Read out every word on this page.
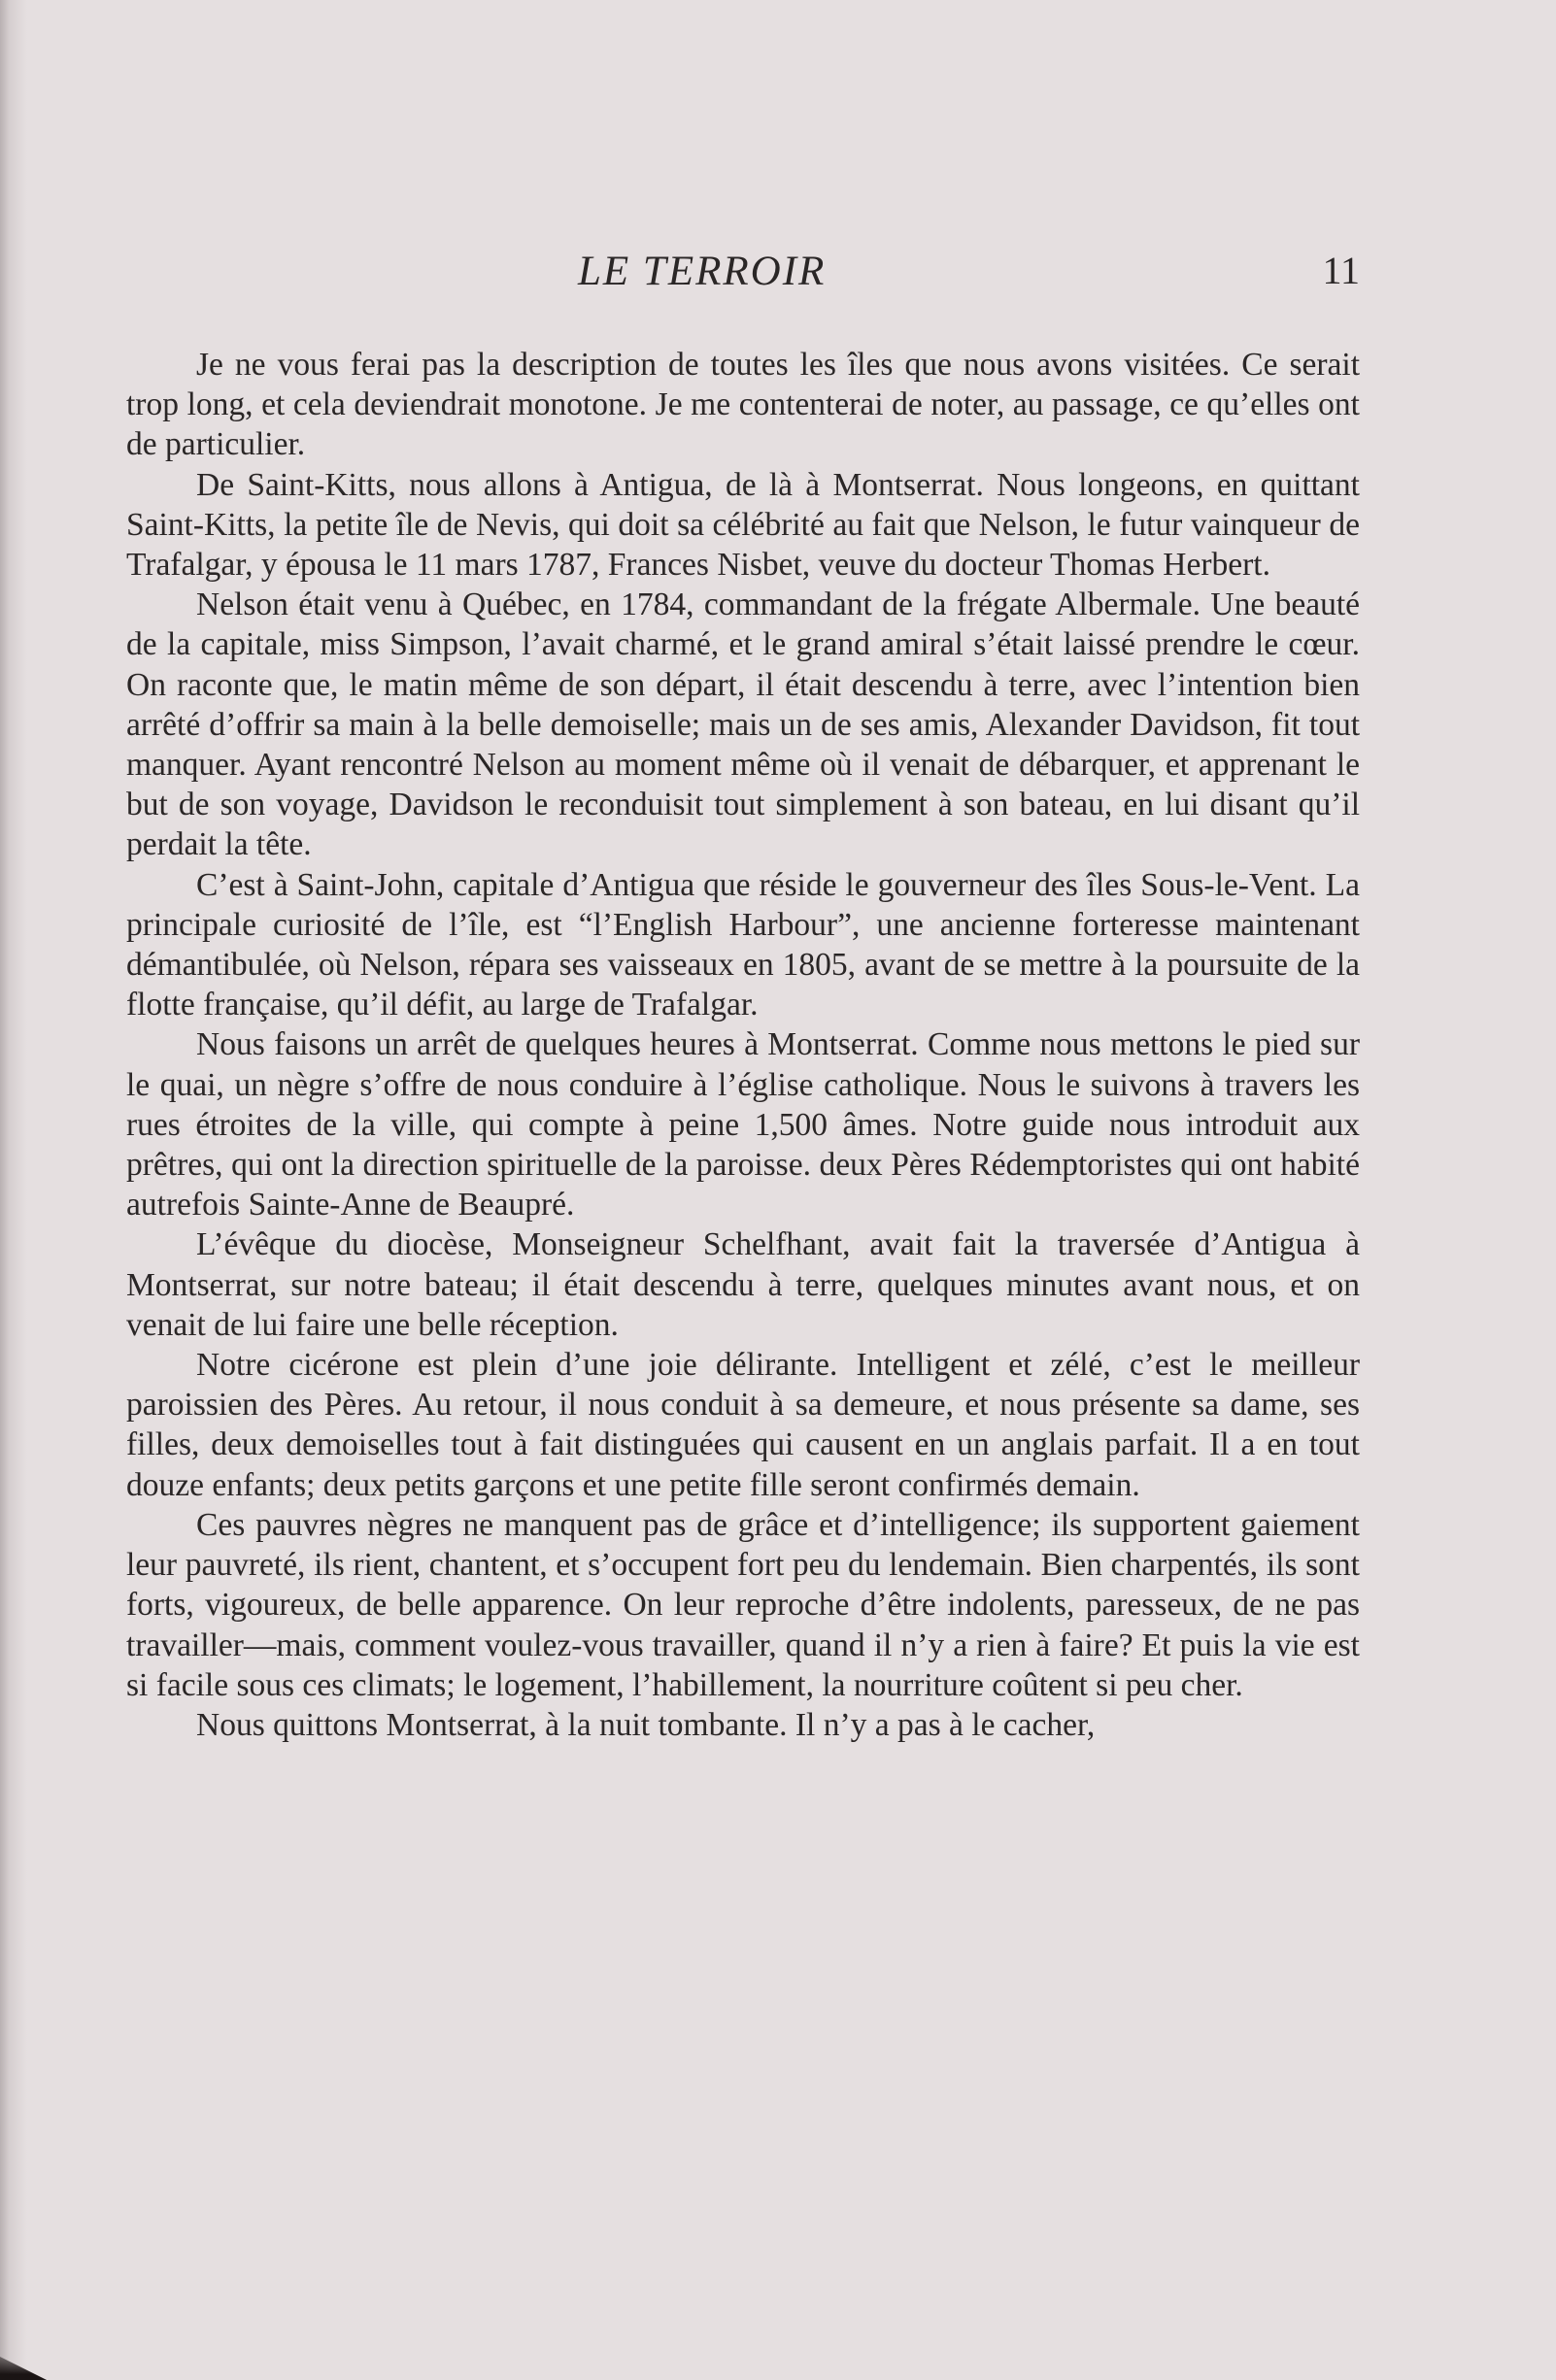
LE TERROIR	11

Je ne vous ferai pas la description de toutes les îles que nous avons visitées. Ce serait trop long, et cela deviendrait monotone. Je me contenterai de noter, au passage, ce qu’elles ont de particulier.

De Saint-Kitts, nous allons à Antigua, de là à Montserrat. Nous longeons, en quittant Saint-Kitts, la petite île de Nevis, qui doit sa célébrité au fait que Nelson, le futur vainqueur de Trafalgar, y épousa le 11 mars 1787, Frances Nisbet, veuve du docteur Thomas Herbert.

Nelson était venu à Québec, en 1784, commandant de la frégate Albermale. Une beauté de la capitale, miss Simpson, l’avait charmé, et le grand amiral s’était laissé prendre le cœur. On raconte que, le matin même de son départ, il était descendu à terre, avec l’intention bien arrêté d’offrir sa main à la belle demoiselle; mais un de ses amis, Alexander Davidson, fit tout manquer. Ayant rencontré Nelson au moment même où il venait de débarquer, et apprenant le but de son voyage, Davidson le reconduisit tout simplement à son bateau, en lui disant qu’il perdait la tête.

C’est à Saint-John, capitale d’Antigua que réside le gouverneur des îles Sous-le-Vent. La principale curiosité de l’île, est “l’English Harbour”, une ancienne forteresse maintenant démantibulée, où Nelson, répara ses vaisseaux en 1805, avant de se mettre à la poursuite de la flotte française, qu’il défit, au large de Trafalgar.

Nous faisons un arrêt de quelques heures à Montserrat. Comme nous mettons le pied sur le quai, un nègre s’offre de nous conduire à l’église catholique. Nous le suivons à travers les rues étroites de la ville, qui compte à peine 1,500 âmes. Notre guide nous introduit aux prêtres, qui ont la direction spirituelle de la paroisse. deux Pères Rédemptoristes qui ont habité autrefois Sainte-Anne de Beaupré.

L’évêque du diocèse, Monseigneur Schelfhant, avait fait la traversée d’Antigua à Montserrat, sur notre bateau; il était descendu à terre, quelques minutes avant nous, et on venait de lui faire une belle réception.

Notre cicérone est plein d’une joie délirante. Intelligent et zélé, c’est le meilleur paroissien des Pères. Au retour, il nous conduit à sa demeure, et nous présente sa dame, ses filles, deux demoiselles tout à fait distinguées qui causent en un anglais parfait. Il a en tout douze enfants; deux petits garçons et une petite fille seront confirmés demain.

Ces pauvres nègres ne manquent pas de grâce et d’intelligence; ils supportent gaiement leur pauvreté, ils rient, chantent, et s’occupent fort peu du lendemain. Bien charpentés, ils sont forts, vigoureux, de belle apparence. On leur reproche d’être indolents, paresseux, de ne pas travailler—mais, comment voulez-vous travailler, quand il n’y a rien à faire? Et puis la vie est si facile sous ces climats; le logement, l’habillement, la nourriture coûtent si peu cher.

Nous quittons Montserrat, à la nuit tombante. Il n’y a pas à le cacher,
